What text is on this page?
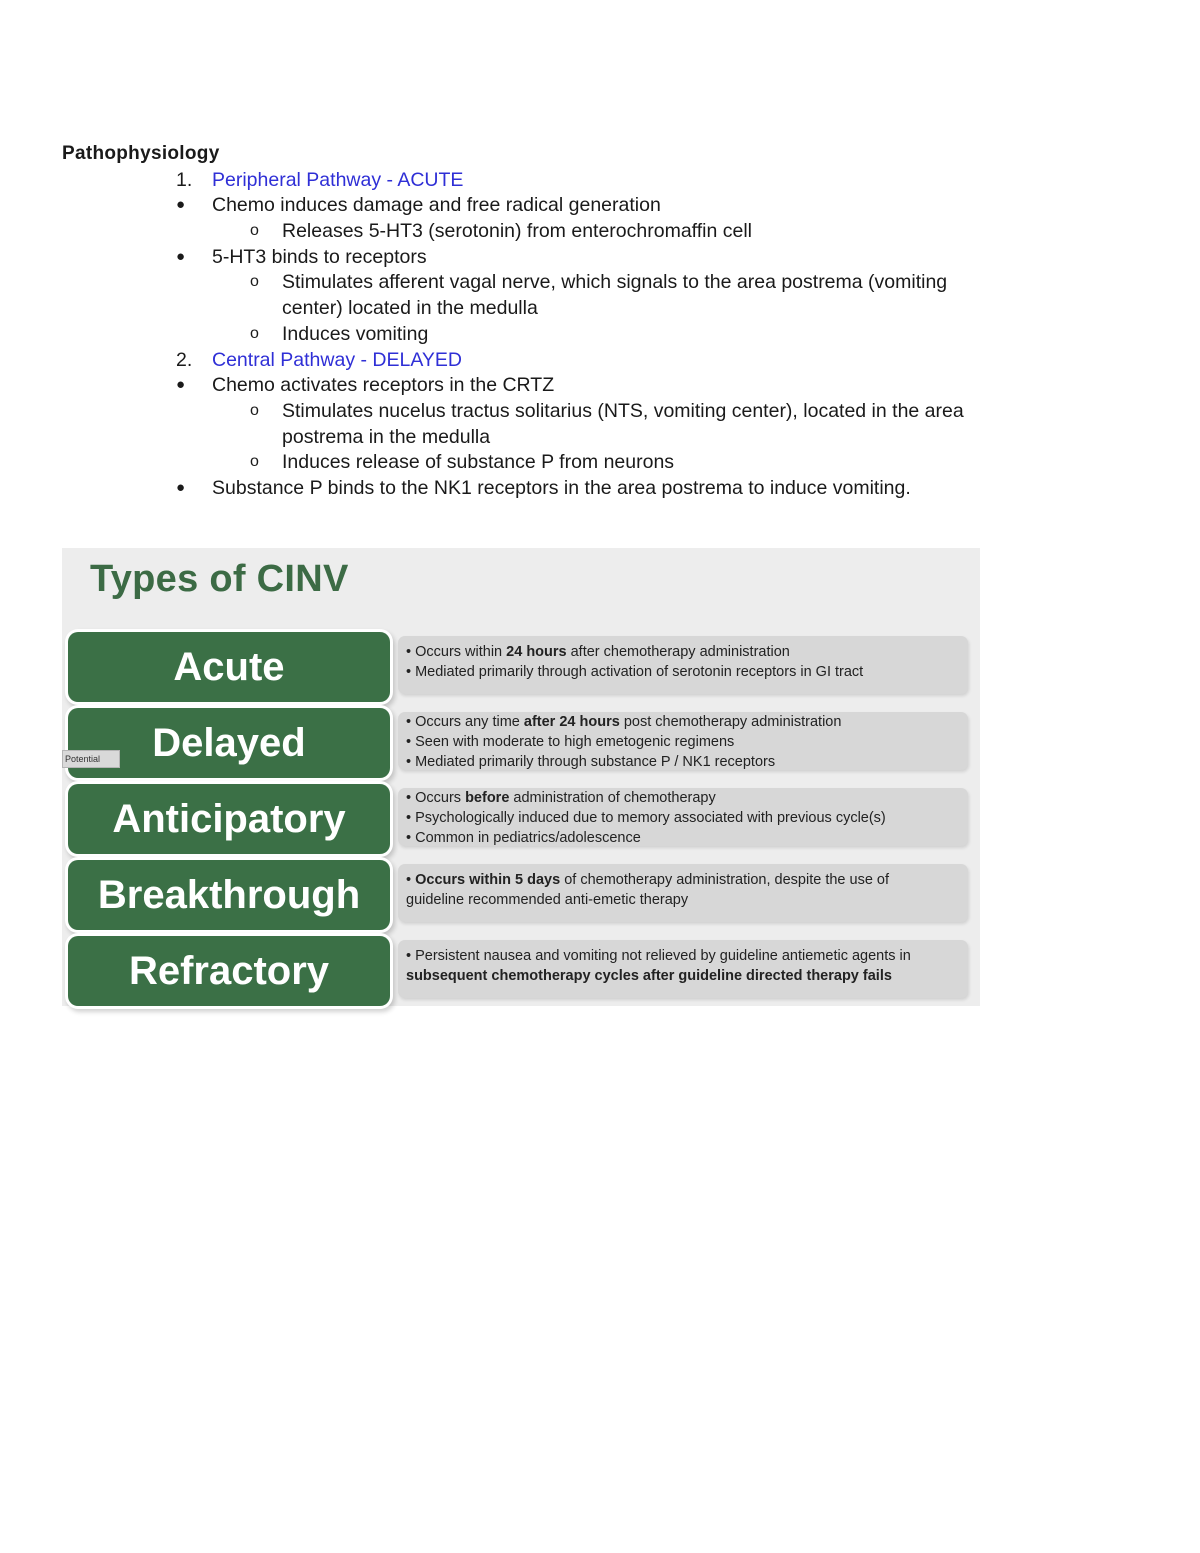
Pathophysiology
1. Peripheral Pathway - ACUTE
● Chemo induces damage and free radical generation
o Releases 5-HT3 (serotonin) from enterochromaffin cell
● 5-HT3 binds to receptors
o Stimulates afferent vagal nerve, which signals to the area postrema (vomiting
center) located in the medulla
o Induces vomiting
2. Central Pathway - DELAYED
● Chemo activates receptors in the CRTZ
o Stimulates nucelus tractus solitarius (NTS, vomiting center), located in the area
postrema in the medulla
o Induces release of substance P from neurons
● Substance P binds to the NK1 receptors in the area postrema to induce vomiting.
Types of CINV
Acute	• Occurs within 24 hours after chemotherapy administration
• Mediated primarily through activation of serotonin receptors in GI tract
Delayed	• Occurs any time after 24 hours post chemotherapy administration
• Seen with moderate to high emetogenic regimens
• Mediated primarily through substance P / NK1 receptors
Anticipatory	• Occurs before administration of chemotherapy
• Psychologically induced due to memory associated with previous cycle(s)
• Common in pediatrics/adolescence
Breakthrough	• Occurs within 5 days of chemotherapy administration, despite the use of
guideline recommended anti-emetic therapy
Refractory	• Persistent nausea and vomiting not relieved by guideline antiemetic agents in
subsequent chemotherapy cycles after guideline directed therapy fails
Potential
